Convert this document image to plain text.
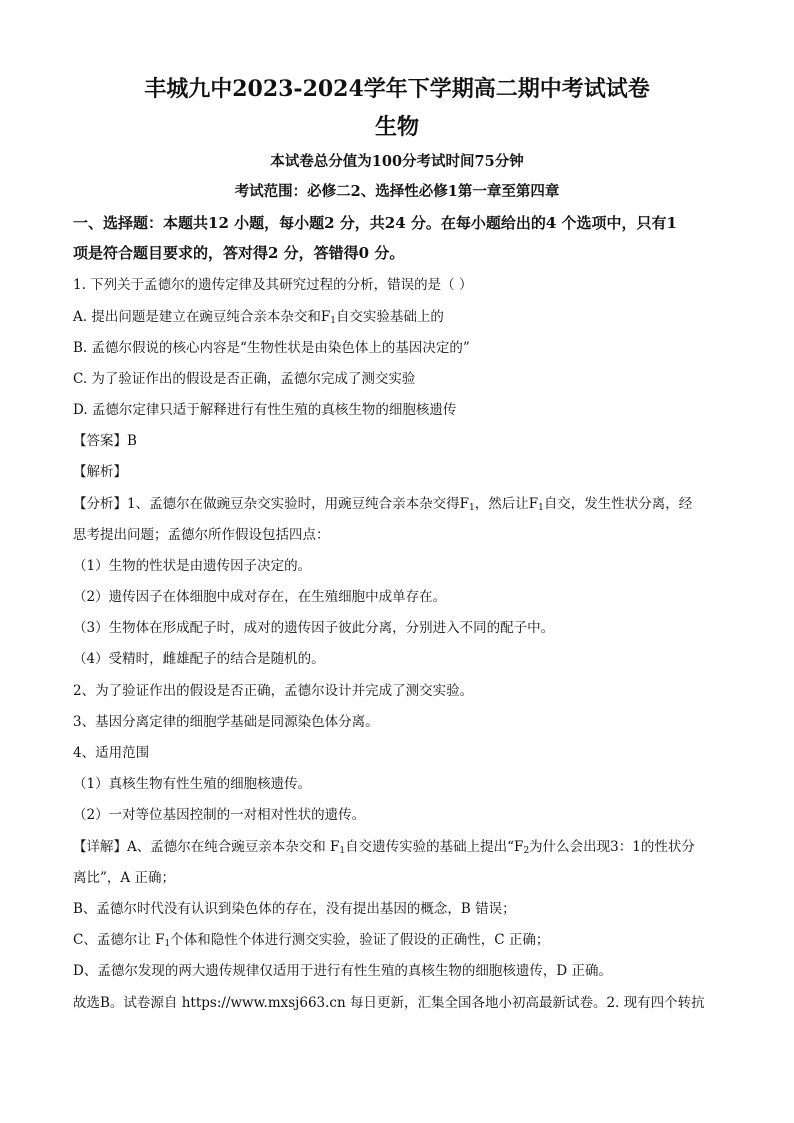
丰城九中2023-2024学年下学期高二期中考试试卷
生物
本试卷总分值为100分考试时间75分钟
考试范围：必修二2、选择性必修1第一章至第四章
一、选择题：本题共12 小题，每小题2 分，共24 分。在每小题给出的4 个选项中，只有1
项是符合题目要求的，答对得2 分，答错得0 分。
1. 下列关于孟德尔的遗传定律及其研究过程的分析，错误的是（ ）
A. 提出问题是建立在豌豆纯合亲本杂交和$F_1$自交实验基础上的
B. 孟德尔假说的核心内容是“生物性状是由染色体上的基因决定的”
C. 为了验证作出的假设是否正确，孟德尔完成了测交实验
D. 孟德尔定律只适于解释进行有性生殖的真核生物的细胞核遗传
【答案】B
【解析】
【分析】1、孟德尔在做豌豆杂交实验时，用豌豆纯合亲本杂交得$F_1$，然后让$F_1$自交，发生性状分离，经
思考提出问题；孟德尔所作假设包括四点：
（1）生物的性状是由遗传因子决定的。
（2）遗传因子在体细胞中成对存在，在生殖细胞中成单存在。
（3）生物体在形成配子时，成对的遗传因子彼此分离，分别进入不同的配子中。
（4）受精时，雌雄配子的结合是随机的。
2、为了验证作出的假设是否正确，孟德尔设计并完成了测交实验。
3、基因分离定律的细胞学基础是同源染色体分离。
4、适用范围
（1）真核生物有性生殖的细胞核遗传。
（2）一对等位基因控制的一对相对性状的遗传。
【详解】A、孟德尔在纯合豌豆亲本杂交和 $F_1$自交遗传实验的基础上提出“$F_2$为什么会出现3：1的性状分
离比”，A 正确；
B、孟德尔时代没有认识到染色体的存在，没有提出基因的概念，B 错误；
C、孟德尔让 $F_1$个体和隐性个体进行测交实验，验证了假设的正确性，C 正确；
D、孟德尔发现的两大遗传规律仅适用于进行有性生殖的真核生物的细胞核遗传，D 正确。
故选B。试卷源自 https://www.mxsj663.cn 每日更新，汇集全国各地小初高最新试卷。2. 现有四个转抗
